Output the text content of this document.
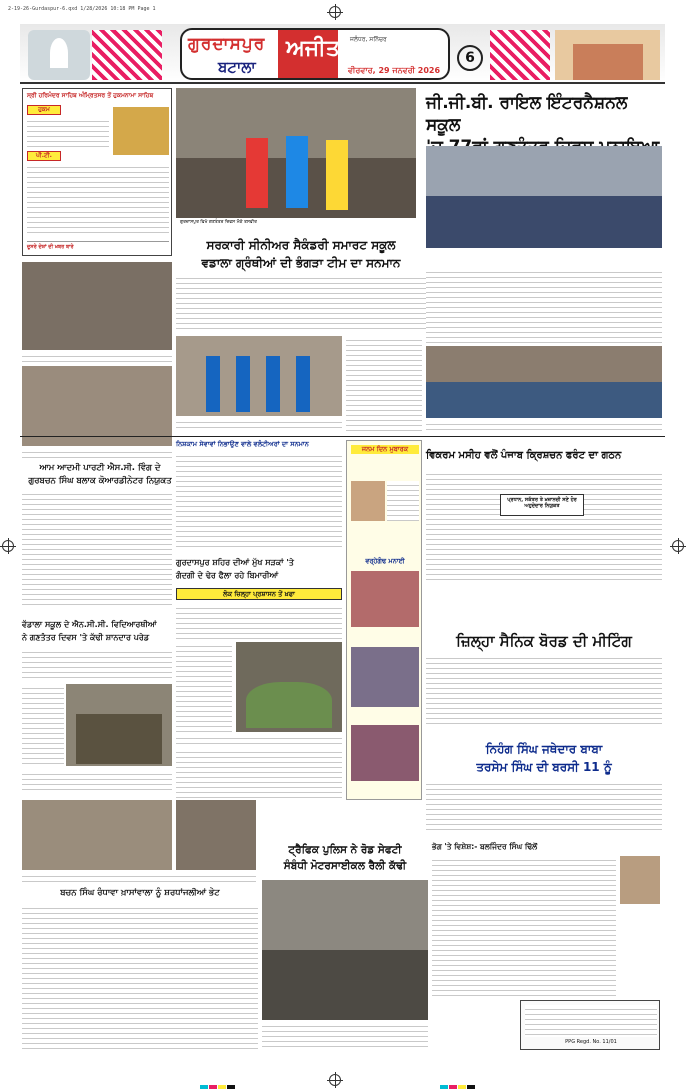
2-19-26-Gurdaspur-6.qxd 1/28/2026 10:18 PM Page 1
ਗੁਰਦਾਸਪੁਰ
ਬਟਾਲਾ
ਅਜੀਤ ਜਲੰਧਰ, ਸਨਿੱਚਰ
ਵੀਰਵਾਰ, 29 ਜਨਵਰੀ 2026
6
ਸ੍ਰੀ ਹਰਿਮੰਦਰ ਸਾਹਿਬ ਅੰਮ੍ਰਿਤਸਰ ਤੋਂ ਹੁਕਮਨਾਮਾ ਸਾਹਿਬ
ਹੁਕਮ
ਪੀ.ਟੀ.
ਦੂਸਰੇ ਦੇਸ਼ਾਂ ਦੀ ਖ਼ਬਰ ਬਾਰੇ
ਗੁਰਦਾਸਪੁਰ ਵਿਖੇ ਗਣਤੰਤਰ ਦਿਵਸ ਮੌਕੇ ਤਸਵੀਰ
ਜੀ.ਜੀ.ਬੀ. ਰਾਇਲ ਇੰਟਰਨੈਸ਼ਨਲ ਸਕੂਲ
ਸਰਕਾਰੀ ਸੀਨੀਅਰ ਸੈਕੰਡਰੀ ਸਮਾਰਟ ਸਕੂਲ
ਵਡਾਲਾ ਗ੍ਰੰਥੀਆਂ ਦੀ ਭੰਗੜਾ ਟੀਮ ਦਾ ਸਨਮਾਨ
ਆਮ ਆਦਮੀ ਪਾਰਟੀ ਐਸ.ਸੀ. ਵਿੰਗ ਦੇ
ਗੁਰਬਚਨ ਸਿੰਘ ਬਲਾਕ ਕੋਆਰਡੀਨੇਟਰ ਨਿਯੁਕਤ
ਨਿਸ਼ਕਾਮ ਸੇਵਾਵਾਂ ਨਿਭਾਉਣ ਵਾਲੇ ਵਲੰਟੀਅਰਾਂ ਦਾ ਸਨਮਾਨ
ਗੁਰਦਾਸਪੁਰ ਸ਼ਹਿਰ ਦੀਆਂ ਮੁੱਖ ਸੜਕਾਂ 'ਤੇ
ਗੰਦਗੀ ਦੇ ਢੇਰ ਫੈਲਾ ਰਹੇ ਬਿਮਾਰੀਆਂ
ਲੋਕ ਜ਼ਿਲ੍ਹਾ ਪ੍ਰਸ਼ਾਸਨ ਤੋਂ ਖ਼ਫਾ
ਜਨਮ ਦਿਨ ਮੁਬਾਰਕ
ਵਰ੍ਹੇਗੰਢ ਮਨਾਈ
ਵਿਕਰਮ ਮਸੀਹ ਵਲੋਂ ਪੰਜਾਬ ਕ੍ਰਿਸ਼ਚਨ ਫਰੰਟ ਦਾ ਗਠਨ
ਪ੍ਰਧਾਨ, ਸਕੱਤਰ ਤੇ ਖ਼ਜ਼ਾਨਚੀ ਸਣੇ ਹੋਰ ਅਹੁਦੇਦਾਰ ਨਿਯੁਕਤ
ਜ਼ਿਲ੍ਹਾ ਸੈਨਿਕ ਬੋਰਡ ਦੀ ਮੀਟਿੰਗ
ਨਿਹੰਗ ਸਿੰਘ ਜਥੇਦਾਰ ਬਾਬਾ
ਤਰਸੇਮ ਸਿੰਘ ਦੀ ਬਰਸੀ 11 ਨੂੰ
ਵੱਡਾਲਾ ਸਕੂਲ ਦੇ ਐਨ.ਸੀ.ਸੀ. ਵਿਦਿਆਰਥੀਆਂ
ਨੇ ਗਣਤੰਤਰ ਦਿਵਸ 'ਤੇ ਕੱਢੀ ਸ਼ਾਨਦਾਰ ਪਰੇਡ
ਬਚਨ ਸਿੰਘ ਰੰਧਾਵਾ ਖ਼ਾਸਾਂਵਾਲਾ ਨੂੰ ਸ਼ਰਧਾਂਜਲੀਆਂ ਭੇਟ
ਟ੍ਰੈਫਿਕ ਪੁਲਿਸ ਨੇ ਰੋਡ ਸੇਫਟੀ
ਸੰਬੰਧੀ ਮੋਟਰਸਾਈਕਲ ਰੈਲੀ ਕੱਢੀ
ਭੋਗ 'ਤੇ ਵਿਸ਼ੇਸ਼:- ਬਲਜਿੰਦਰ ਸਿੰਘ ਢਿੱਲੋਂ
PPG Regd. No. 11/01
